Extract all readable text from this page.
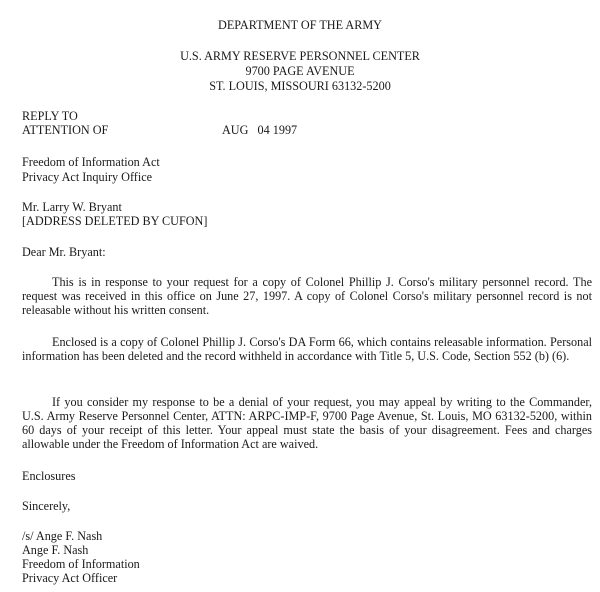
DEPARTMENT OF THE ARMY
U.S. ARMY RESERVE PERSONNEL CENTER
9700 PAGE AVENUE
ST. LOUIS, MISSOURI 63132-5200
REPLY TO
ATTENTION OF	AUG   04 1997
Freedom of Information Act
Privacy Act Inquiry Office
Mr. Larry W. Bryant
[ADDRESS DELETED BY CUFON]
Dear Mr. Bryant:
This is in response to your request for a copy of Colonel Phillip J. Corso's military personnel record. The request was received in this office on June 27, 1997. A copy of Colonel Corso's military personnel record is not releasable without his written consent.
Enclosed is a copy of Colonel Phillip J. Corso's DA Form 66, which contains releasable information. Personal information has been deleted and the record withheld in accordance with Title 5, U.S. Code, Section 552 (b) (6).
If you consider my response to be a denial of your request, you may appeal by writing to the Commander, U.S. Army Reserve Personnel Center, ATTN: ARPC-IMP-F, 9700 Page Avenue, St. Louis, MO 63132-5200, within 60 days of your receipt of this letter. Your appeal must state the basis of your disagreement. Fees and charges allowable under the Freedom of Information Act are waived.
Enclosures
Sincerely,
/s/ Ange F. Nash
Ange F. Nash
Freedom of Information
Privacy Act Officer
